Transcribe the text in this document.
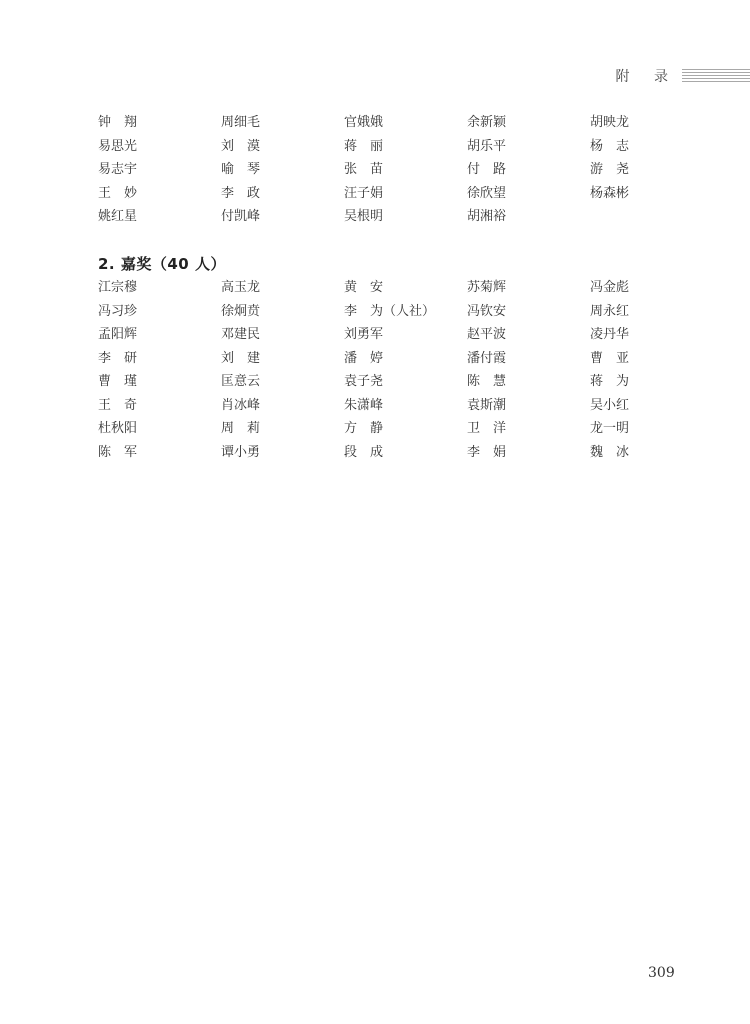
附 录
钟　翔	周细毛	官娥娥	余新颖	胡映龙
易思光	刘　漠	蒋　丽	胡乐平	杨　志
易志宇	喻　琴	张　苗	付　路	游　尧
王　妙	李　政	汪子娟	徐欣望	杨森彬
姚红星	付凯峰	吴根明	胡湘裕
2. 嘉奖（40 人）
江宗穆	高玉龙	黄　安	苏菊辉	冯金彪
冯习珍	徐炯贲	李　为（人社）	冯钦安	周永红
孟阳辉	邓建民	刘勇军	赵平波	凌丹华
李　研	刘　建	潘　婷	潘付霞	曹　亚
曹　瑾	匡意云	袁子尧	陈　慧	蒋　为
王　奇	肖冰峰	朱潇峰	袁斯潮	吴小红
杜秋阳	周　莉	方　静	卫　洋	龙一明
陈　军	谭小勇	段　成	李　娟	魏　冰
309
